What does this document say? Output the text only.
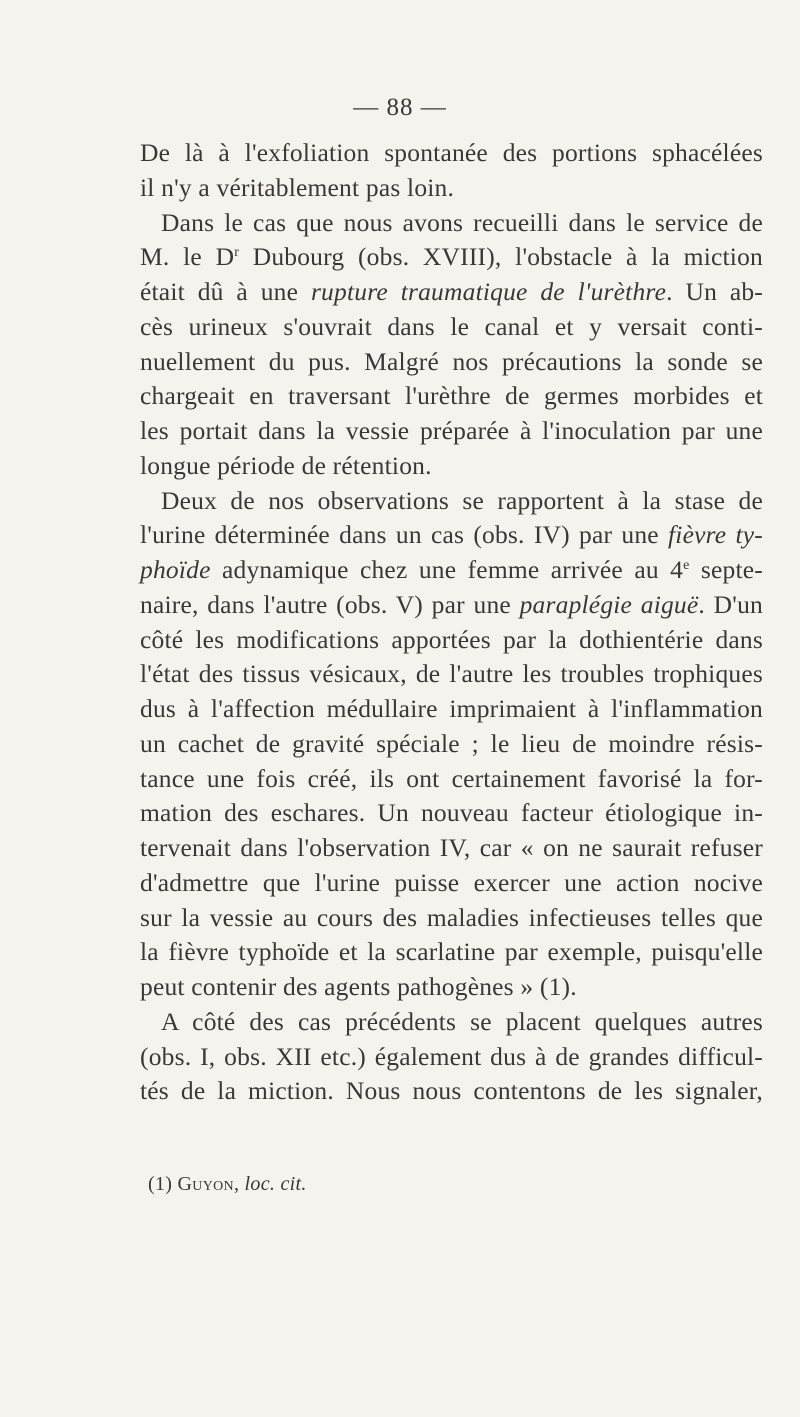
— 88 —
De là à l'exfoliation spontanée des portions sphacélées
il n'y a véritablement pas loin.
Dans le cas que nous avons recueilli dans le service de
M. le $D^r$ Dubourg (obs. XVIII), l'obstacle à la miction
était dû à une rupture traumatique de l'urèthre. Un ab-
cès urineux s'ouvrait dans le canal et y versait conti-
nuellement du pus. Malgré nos précautions la sonde se
chargeait en traversant l'urèthre de germes morbides et
les portait dans la vessie préparée à l'inoculation par une
longue période de rétention.
Deux de nos observations se rapportent à la stase de
l'urine déterminée dans un cas (obs. IV) par une fièvre ty-
phoïde adynamique chez une femme arrivée au 4e septe-
naire, dans l'autre (obs. V) par une paraplégie aiguë. D'un
côté les modifications apportées par la dothientérie dans
l'état des tissus vésicaux, de l'autre les troubles trophiques
dus à l'affection médullaire imprimaient à l'inflammation
un cachet de gravité spéciale ; le lieu de moindre résis-
tance une fois créé, ils ont certainement favorisé la for-
mation des eschares. Un nouveau facteur étiologique in-
tervenait dans l'observation IV, car « on ne saurait refuser
d'admettre que l'urine puisse exercer une action nocive
sur la vessie au cours des maladies infectieuses telles que
la fièvre typhoïde et la scarlatine par exemple, puisqu'elle
peut contenir des agents pathogènes » (1).
A côté des cas précédents se placent quelques autres
(obs. I, obs. XII etc.) également dus à de grandes difficul-
tés de la miction. Nous nous contentons de les signaler,
(1) Guyon, loc. cit.
